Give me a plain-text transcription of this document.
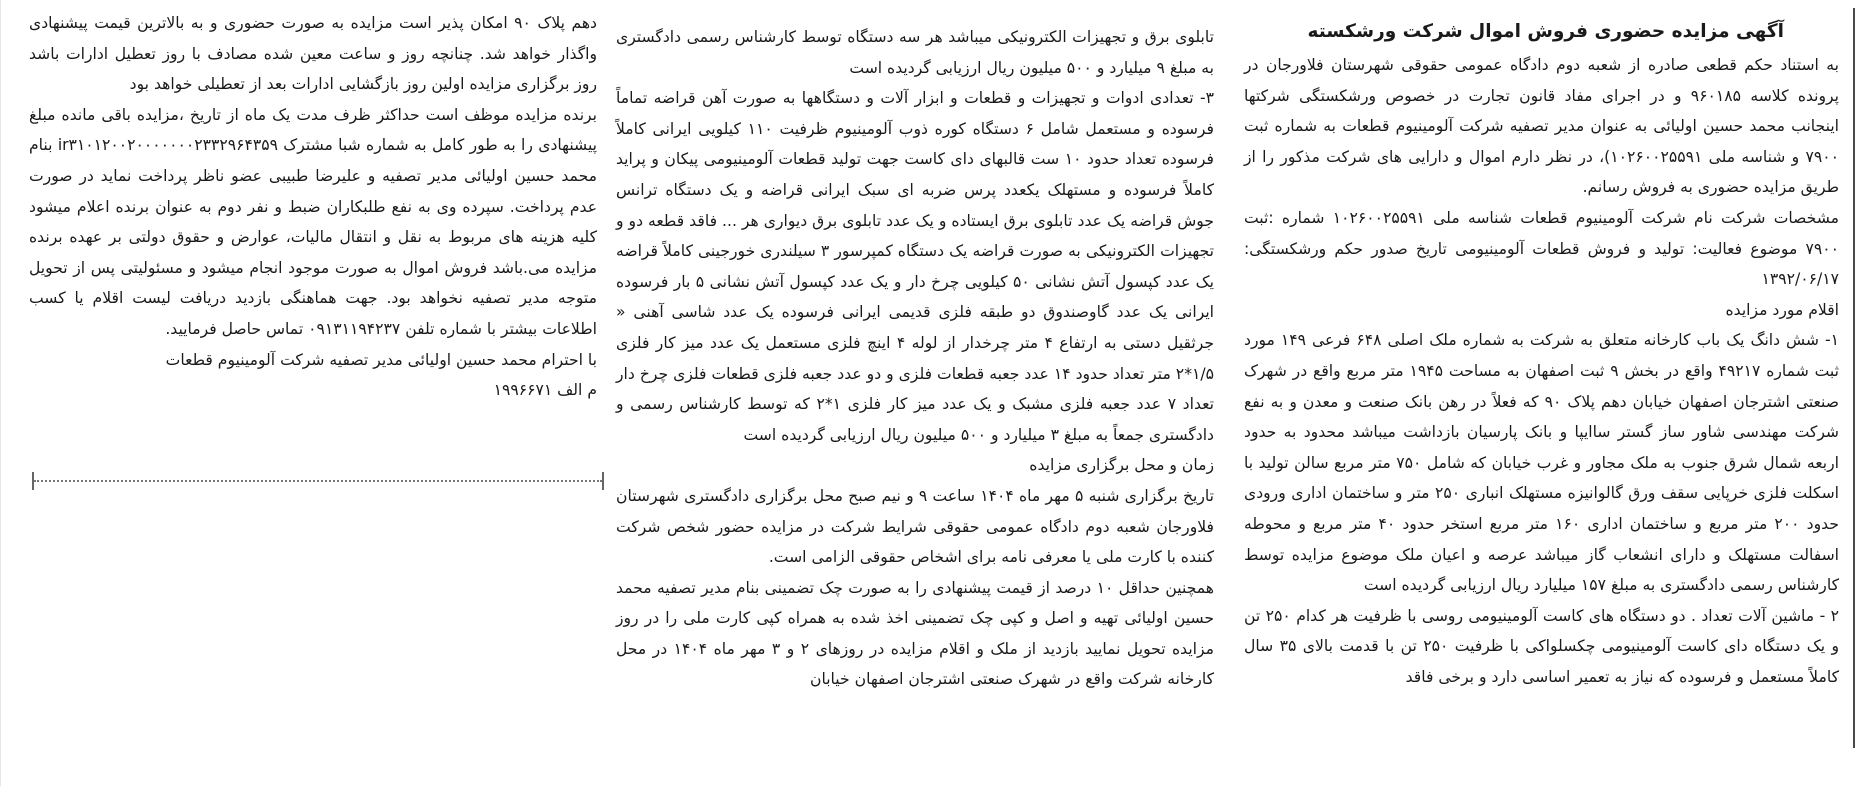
آگهی مزایده حضوری فروش اموال شرکت ورشکسته

به استناد حکم قطعی صادره از شعبه دوم دادگاه عمومی حقوقی شهرستان فلاورجان در پرونده کلاسه ۹۶۰۱۸۵ و در اجرای مفاد قانون تجارت در خصوص ورشکستگی شرکتها اینجانب محمد حسین اولیائی به عنوان مدیر تصفیه شرکت آلومینیوم قطعات به شماره ثبت ۷۹۰۰ و شناسه ملی ۱۰۲۶۰۰۲۵۵۹۱)، در نظر دارم اموال و دارایی های شرکت مذکور را از طریق مزایده حضوری به فروش رسانم.

مشخصات شرکت نام شرکت آلومینیوم قطعات شناسه ملی ۱۰۲۶۰۰۲۵۵۹۱ شماره :ثبت ۷۹۰۰ موضوع فعالیت: تولید و فروش قطعات آلومینیومی تاریخ صدور حکم ورشکستگی: ۱۳۹۲/۰۶/۱۷

اقلام مورد مزایده

۱- شش دانگ یک باب کارخانه متعلق به شرکت به شماره ملک اصلی ۶۴۸ فرعی ۱۴۹ مورد ثبت شماره ۴۹۲۱۷ واقع در بخش ۹ ثبت اصفهان به مساحت ۱۹۴۵ متر مربع واقع در شهرک صنعتی اشترجان اصفهان خیابان دهم پلاک ۹۰ که فعلاً در رهن بانک صنعت و معدن و به نفع شرکت مهندسی شاور ساز گستر ساایپا و بانک پارسیان بازداشت میباشد محدود به حدود اربعه شمال شرق جنوب به ملک مجاور و غرب خیابان که شامل ۷۵۰ متر مربع سالن تولید با اسکلت فلزی خرپایی سقف ورق گالوانیزه مستهلک انباری ۲۵۰ متر و ساختمان اداری ورودی حدود ۲۰۰ متر مربع و ساختمان اداری ۱۶۰ متر مربع استخر حدود ۴۰ متر مربع و محوطه اسفالت مستهلک و دارای انشعاب گاز میباشد عرصه و اعیان ملک موضوع مزایده توسط کارشناس رسمی دادگستری به مبلغ ۱۵۷ میلیارد ریال ارزیابی گردیده است

۲ - ماشین آلات تعداد . دو دستگاه های کاست آلومینیومی روسی با ظرفیت هر کدام ۲۵۰ تن و یک دستگاه دای کاست آلومینیومی چکسلواکی با ظرفیت ۲۵۰ تن با قدمت بالای ۳۵ سال کاملاً مستعمل و فرسوده که نیاز به تعمیر اساسی دارد و برخی فاقد

تابلوی برق و تجهیزات الکترونیکی میباشد هر سه دستگاه توسط کارشناس رسمی دادگستری به مبلغ ۹ میلیارد و ۵۰۰ میلیون ریال ارزیابی گردیده است

۳- تعدادی ادوات و تجهیزات و قطعات و ابزار آلات و دستگاهها به صورت آهن قراضه تماماً فرسوده و مستعمل شامل ۶ دستگاه کوره ذوب آلومینیوم ظرفیت ۱۱۰ کیلویی ایرانی کاملاً فرسوده تعداد حدود ۱۰ ست قالبهای دای کاست جهت تولید قطعات آلومینیومی پیکان و پراید کاملاً فرسوده و مستهلک یکعدد پرس ضربه ای سبک ایرانی قراضه و یک دستگاه ترانس جوش قراضه یک عدد تابلوی برق ایستاده و یک عدد تابلوی برق دیواری هر ... فاقد قطعه دو و تجهیزات الکترونیکی به صورت قراضه یک دستگاه کمپرسور ۳ سیلندری خورجینی کاملاً قراضه یک عدد کپسول آتش نشانی ۵۰ کیلویی چرخ دار و یک عدد کپسول آتش نشانی ۵ بار فرسوده ایرانی یک عدد گاوصندوق دو طبقه فلزی قدیمی ایرانی فرسوده یک عدد شاسی آهنی « جرثقیل دستی به ارتفاع ۴ متر چرخدار از لوله ۴ اینچ فلزی مستعمل یک عدد میز کار فلزی ۱/۵*۲ متر تعداد حدود ۱۴ عدد جعبه قطعات فلزی و دو عدد جعبه فلزی قطعات فلزی چرخ دار تعداد ۷ عدد جعبه فلزی مشبک و یک عدد میز کار فلزی ۱*۲ که توسط کارشناس رسمی و دادگستری جمعاً به مبلغ ۳ میلیارد و ۵۰۰ میلیون ریال ارزیابی گردیده است

زمان و محل برگزاری مزایده

تاریخ برگزاری شنبه ۵ مهر ماه ۱۴۰۴ ساعت ۹ و نیم صبح محل برگزاری دادگستری شهرستان فلاورجان شعبه دوم دادگاه عمومی حقوقی شرایط شرکت در مزایده حضور شخص شرکت کننده با کارت ملی یا معرفی نامه برای اشخاص حقوقی الزامی است.

همچنین حداقل ۱۰ درصد از قیمت پیشنهادی را به صورت چک تضمینی بنام مدیر تصفیه محمد حسین اولیائی تهیه و اصل و کپی چک تضمینی اخذ شده به همراه کپی کارت ملی را در روز مزایده تحویل نمایید بازدید از ملک و اقلام مزایده در روزهای ۲ و ۳ مهر ماه ۱۴۰۴ در محل کارخانه شرکت واقع در شهرک صنعتی اشترجان اصفهان خیابان

دهم پلاک ۹۰ امکان پذیر است مزایده به صورت حضوری و به بالاترین قیمت پیشنهادی واگذار خواهد شد. چنانچه روز و ساعت معین شده مصادف با روز تعطیل ادارات باشد روز برگزاری مزایده اولین روز بازگشایی ادارات بعد از تعطیلی خواهد بود

برنده مزایده موظف است حداکثر ظرف مدت یک ماه از تاریخ ،مزایده باقی مانده مبلغ پیشنهادی را به طور کامل به شماره شبا مشترک ir۳۱۰۱۲۰۰۲۰۰۰۰۰۰۰۲۳۳۲۹۶۴۳۵۹ بنام محمد حسین اولیائی مدیر تصفیه و علیرضا طبیبی عضو ناظر پرداخت نماید در صورت عدم پرداخت. سپرده وی به نفع طلبکاران ضبط و نفر دوم به عنوان برنده اعلام میشود کلیه هزینه های مربوط به نقل و انتقال مالیات، عوارض و حقوق دولتی بر عهده برنده مزایده می.باشد فروش اموال به صورت موجود انجام میشود و مسئولیتی پس از تحویل متوجه مدیر تصفیه نخواهد بود. جهت هماهنگی بازدید دریافت لیست اقلام یا کسب اطلاعات بیشتر با شماره تلفن ۰۹۱۳۱۱۹۴۲۳۷ تماس حاصل فرمایید.

با احترام محمد حسین اولیائی مدیر تصفیه شرکت آلومینیوم قطعات

م الف ۱۹۹۶۶۷۱
